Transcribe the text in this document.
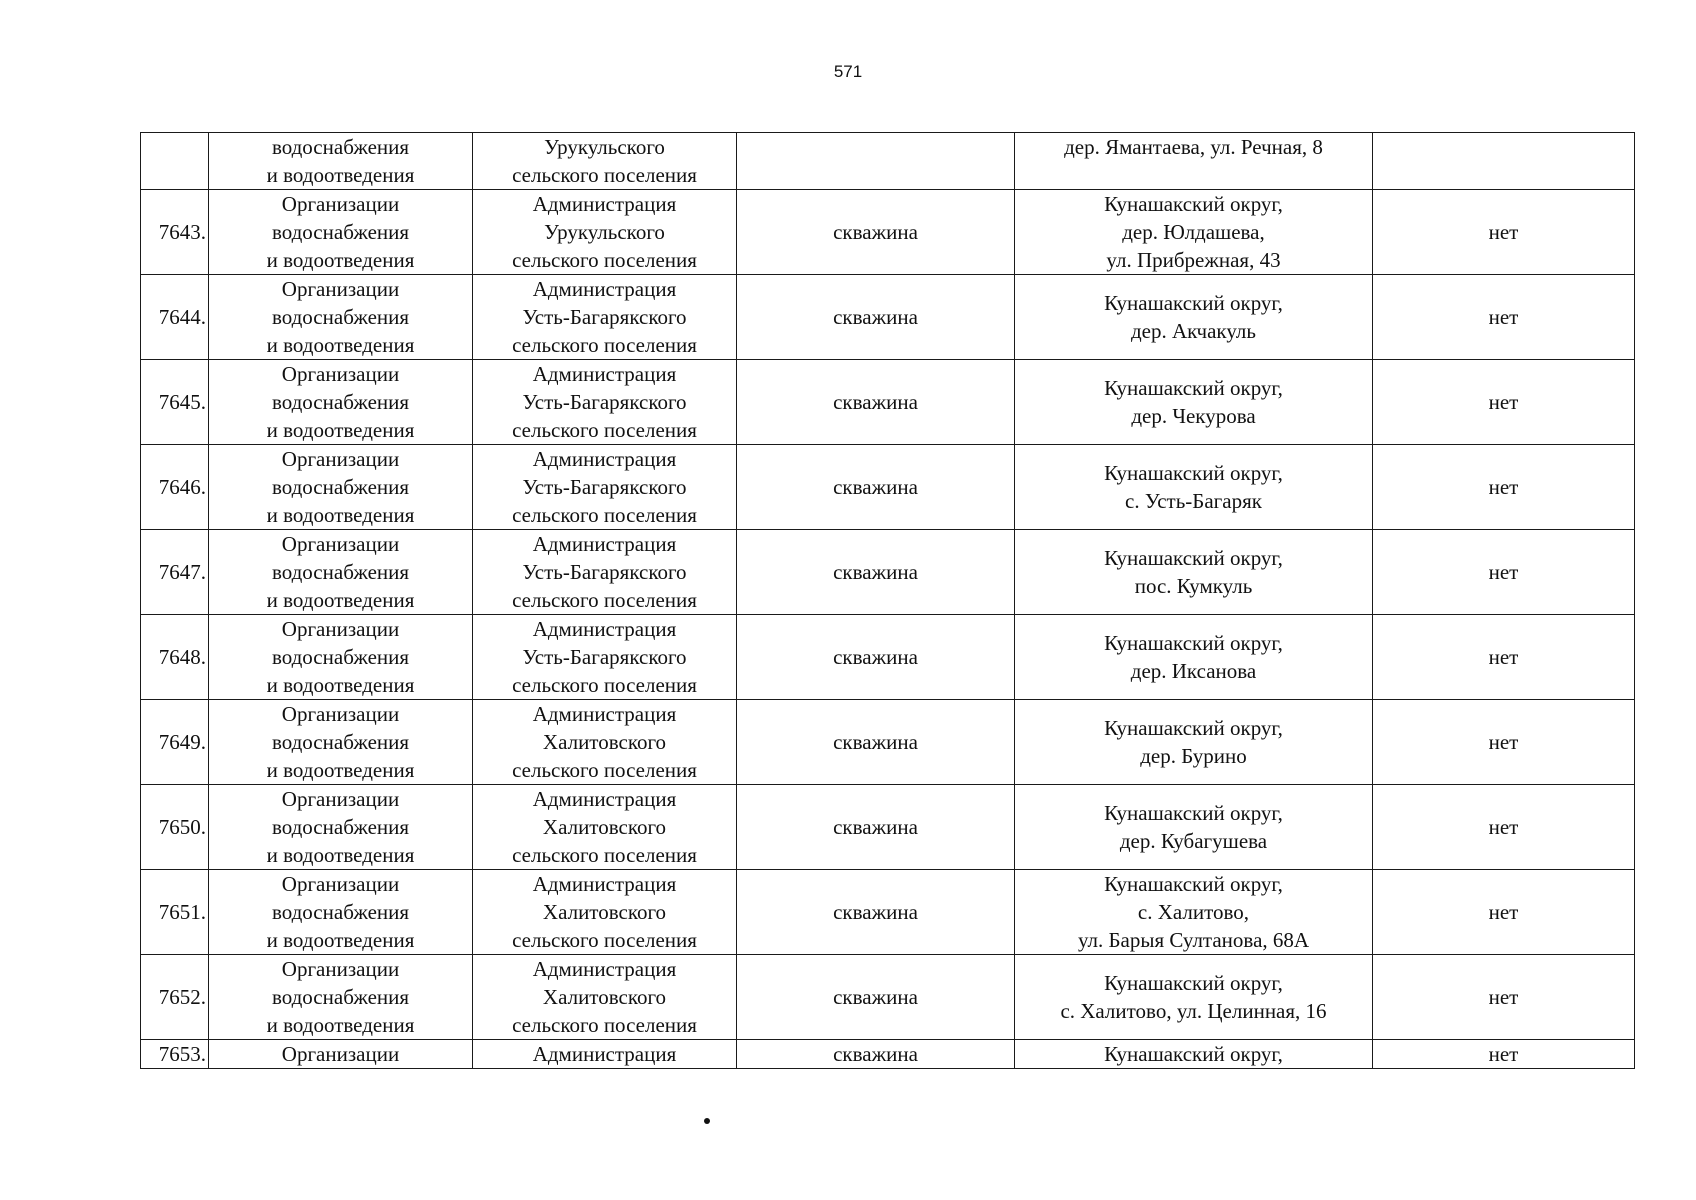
571

	водоснабжения
и водоотведения	Урукульского
сельского поселения		дер. Ямантаева, ул. Речная, 8	

7643.	Организации
водоснабжения
и водоотведения	Администрация
Урукульского
сельского поселения	скважина	Кунашакский округ,
дер. Юлдашева,
ул. Прибрежная, 43	нет
7644.	Организации
водоснабжения
и водоотведения	Администрация
Усть-Багарякского
сельского поселения	скважина	Кунашакский округ,
дер. Акчакуль	нет
7645.	Организации
водоснабжения
и водоотведения	Администрация
Усть-Багарякского
сельского поселения	скважина	Кунашакский округ,
дер. Чекурова	нет
7646.	Организации
водоснабжения
и водоотведения	Администрация
Усть-Багарякского
сельского поселения	скважина	Кунашакский округ,
с. Усть-Багаряк	нет
7647.	Организации
водоснабжения
и водоотведения	Администрация
Усть-Багарякского
сельского поселения	скважина	Кунашакский округ,
пос. Кумкуль	нет
7648.	Организации
водоснабжения
и водоотведения	Администрация
Усть-Багарякского
сельского поселения	скважина	Кунашакский округ,
дер. Иксанова	нет
7649.	Организации
водоснабжения
и водоотведения	Администрация
Халитовского
сельского поселения	скважина	Кунашакский округ,
дер. Бурино	нет
7650.	Организации
водоснабжения
и водоотведения	Администрация
Халитовского
сельского поселения	скважина	Кунашакский округ,
дер. Кубагушева	нет
7651.	Организации
водоснабжения
и водоотведения	Администрация
Халитовского
сельского поселения	скважина	Кунашакский округ,
с. Халитово,
ул. Барыя Султанова, 68А	нет
7652.	Организации
водоснабжения
и водоотведения	Администрация
Халитовского
сельского поселения	скважина	Кунашакский округ,
с. Халитово, ул. Целинная, 16	нет
7653.	Организации	Администрация	скважина	Кунашакский округ,	нет
